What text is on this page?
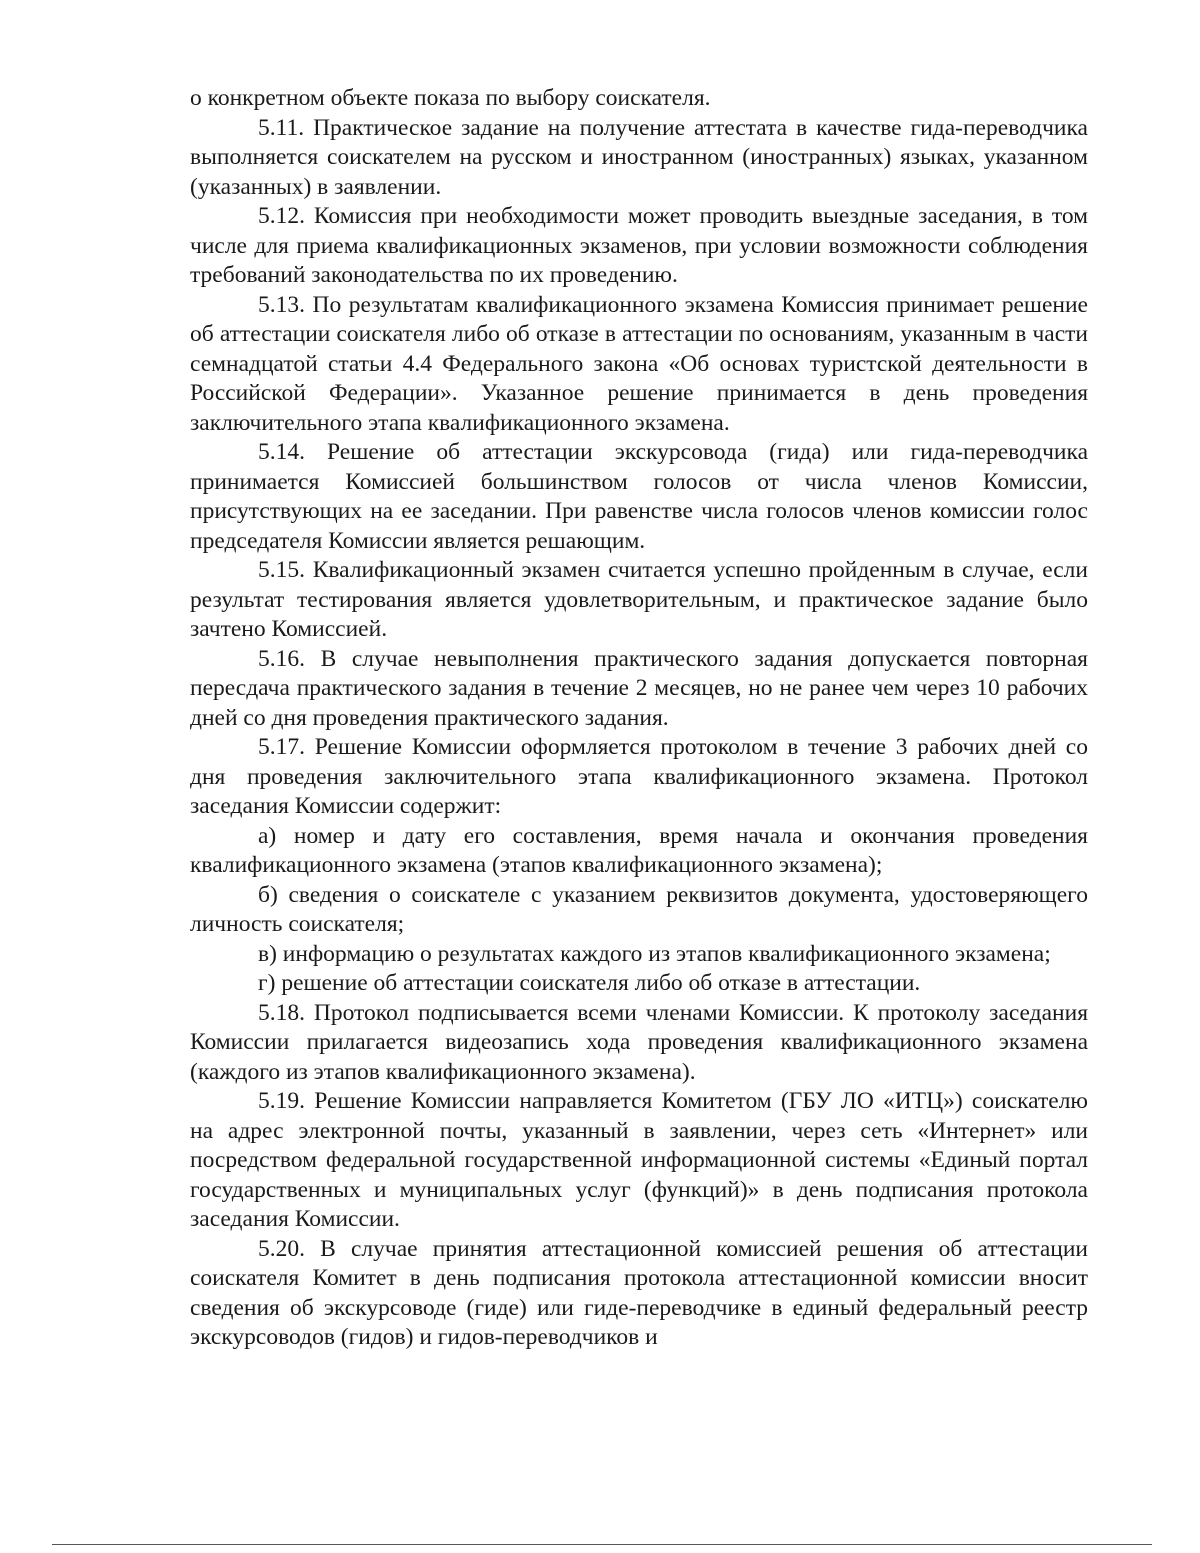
о конкретном объекте показа по выбору соискателя.

5.11. Практическое задание на получение аттестата в качестве гида-переводчика выполняется соискателем на русском и иностранном (иностранных) языках, указанном (указанных) в заявлении.

5.12. Комиссия при необходимости может проводить выездные заседания, в том числе для приема квалификационных экзаменов, при условии возможности соблюдения требований законодательства по их проведению.

5.13. По результатам квалификационного экзамена Комиссия принимает решение об аттестации соискателя либо об отказе в аттестации по основаниям, указанным в части семнадцатой статьи 4.4 Федерального закона «Об основах туристской деятельности в Российской Федерации». Указанное решение принимается в день проведения заключительного этапа квалификационного экзамена.

5.14. Решение об аттестации экскурсовода (гида) или гида-переводчика принимается Комиссией большинством голосов от числа членов Комиссии, присутствующих на ее заседании. При равенстве числа голосов членов комиссии голос председателя Комиссии является решающим.

5.15. Квалификационный экзамен считается успешно пройденным в случае, если результат тестирования является удовлетворительным, и практическое задание было зачтено Комиссией.

5.16. В случае невыполнения практического задания допускается повторная пересдача практического задания в течение 2 месяцев, но не ранее чем через 10 рабочих дней со дня проведения практического задания.

5.17. Решение Комиссии оформляется протоколом в течение 3 рабочих дней со дня проведения заключительного этапа квалификационного экзамена. Протокол заседания Комиссии содержит:

а) номер и дату его составления, время начала и окончания проведения квалификационного экзамена (этапов квалификационного экзамена);

б) сведения о соискателе с указанием реквизитов документа, удостоверяющего личность соискателя;

в) информацию о результатах каждого из этапов квалификационного экзамена;

г) решение об аттестации соискателя либо об отказе в аттестации.

5.18. Протокол подписывается всеми членами Комиссии. К протоколу заседания Комиссии прилагается видеозапись хода проведения квалификационного экзамена (каждого из этапов квалификационного экзамена).

5.19. Решение Комиссии направляется Комитетом (ГБУ ЛО «ИТЦ») соискателю на адрес электронной почты, указанный в заявлении, через сеть «Интернет» или посредством федеральной государственной информационной системы «Единый портал государственных и муниципальных услуг (функций)» в день подписания протокола заседания Комиссии.

5.20. В случае принятия аттестационной комиссией решения об аттестации соискателя Комитет в день подписания протокола аттестационной комиссии вносит сведения об экскурсоводе (гиде) или гиде-переводчике в единый федеральный реестр экскурсоводов (гидов) и гидов-переводчиков и
